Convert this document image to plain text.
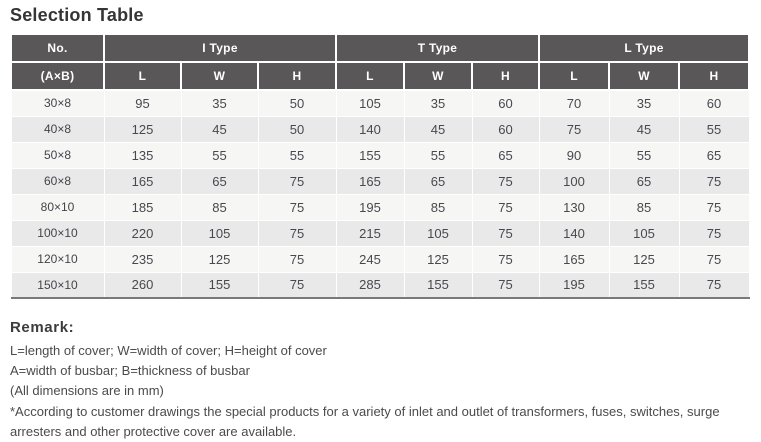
Selection Table
No.	I Type			T Type			L Type		
(A×B)	L	W	H	L	W	H	L	W	H
30×8	95	35	50	105	35	60	70	35	60
40×8	125	45	50	140	45	60	75	45	55
50×8	135	55	55	155	55	65	90	55	65
60×8	165	65	75	165	65	75	100	65	75
80×10	185	85	75	195	85	75	130	85	75
100×10	220	105	75	215	105	75	140	105	75
120×10	235	125	75	245	125	75	165	125	75
150×10	260	155	75	285	155	75	195	155	75
Remark:
L=length of cover; W=width of cover; H=height of cover
A=width of busbar; B=thickness of busbar
(All dimensions are in mm)
*According to customer drawings the special products for a variety of inlet and outlet of transformers, fuses, switches, surge arresters and other protective cover are available.
